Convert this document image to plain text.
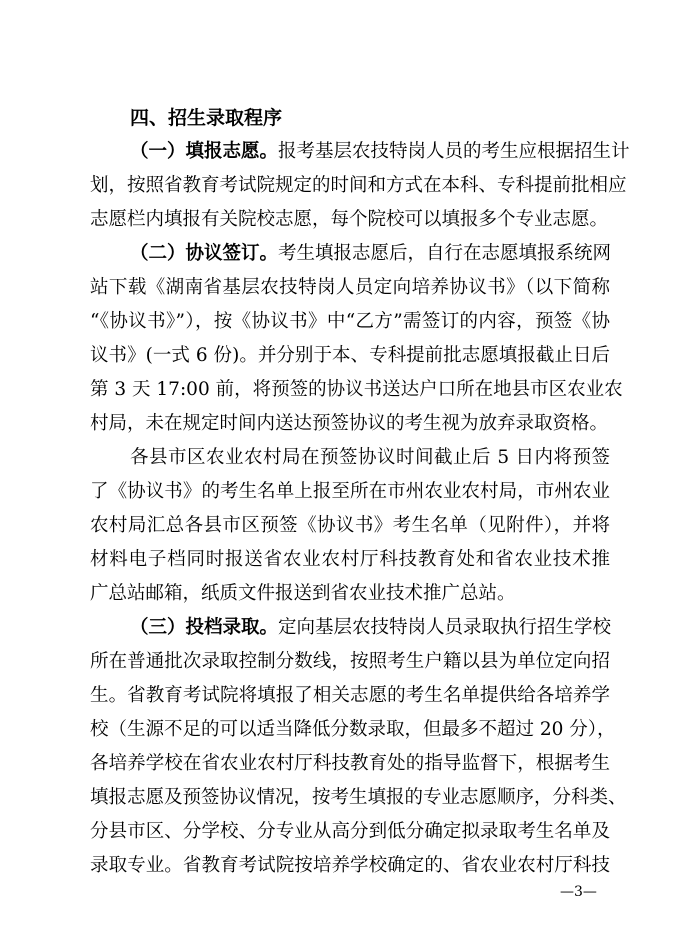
四、招生录取程序
（一）填报志愿。报考基层农技特岗人员的考生应根据招生计
划，按照省教育考试院规定的时间和方式在本科、专科提前批相应
志愿栏内填报有关院校志愿，每个院校可以填报多个专业志愿。
（二）协议签订。考生填报志愿后，自行在志愿填报系统网
站下载《湖南省基层农技特岗人员定向培养协议书》（以下简称
“《协议书》”），按《协议书》中“乙方”需签订的内容，预签《协
议书》(一式 6 份)。并分别于本、专科提前批志愿填报截止日后
第 3 天 17:00 前，将预签的协议书送达户口所在地县市区农业农
村局，未在规定时间内送达预签协议的考生视为放弃录取资格。
各县市区农业农村局在预签协议时间截止后 5 日内将预签
了《协议书》的考生名单上报至所在市州农业农村局，市州农业
农村局汇总各县市区预签《协议书》考生名单（见附件），并将
材料电子档同时报送省农业农村厅科技教育处和省农业技术推
广总站邮箱，纸质文件报送到省农业技术推广总站。
（三）投档录取。定向基层农技特岗人员录取执行招生学校
所在普通批次录取控制分数线，按照考生户籍以县为单位定向招
生。省教育考试院将填报了相关志愿的考生名单提供给各培养学
校（生源不足的可以适当降低分数录取，但最多不超过 20 分），
各培养学校在省农业农村厅科技教育处的指导监督下，根据考生
填报志愿及预签协议情况，按考生填报的专业志愿顺序，分科类、
分县市区、分学校、分专业从高分到低分确定拟录取考生名单及
录取专业。省教育考试院按培养学校确定的、省农业农村厅科技
—3—
